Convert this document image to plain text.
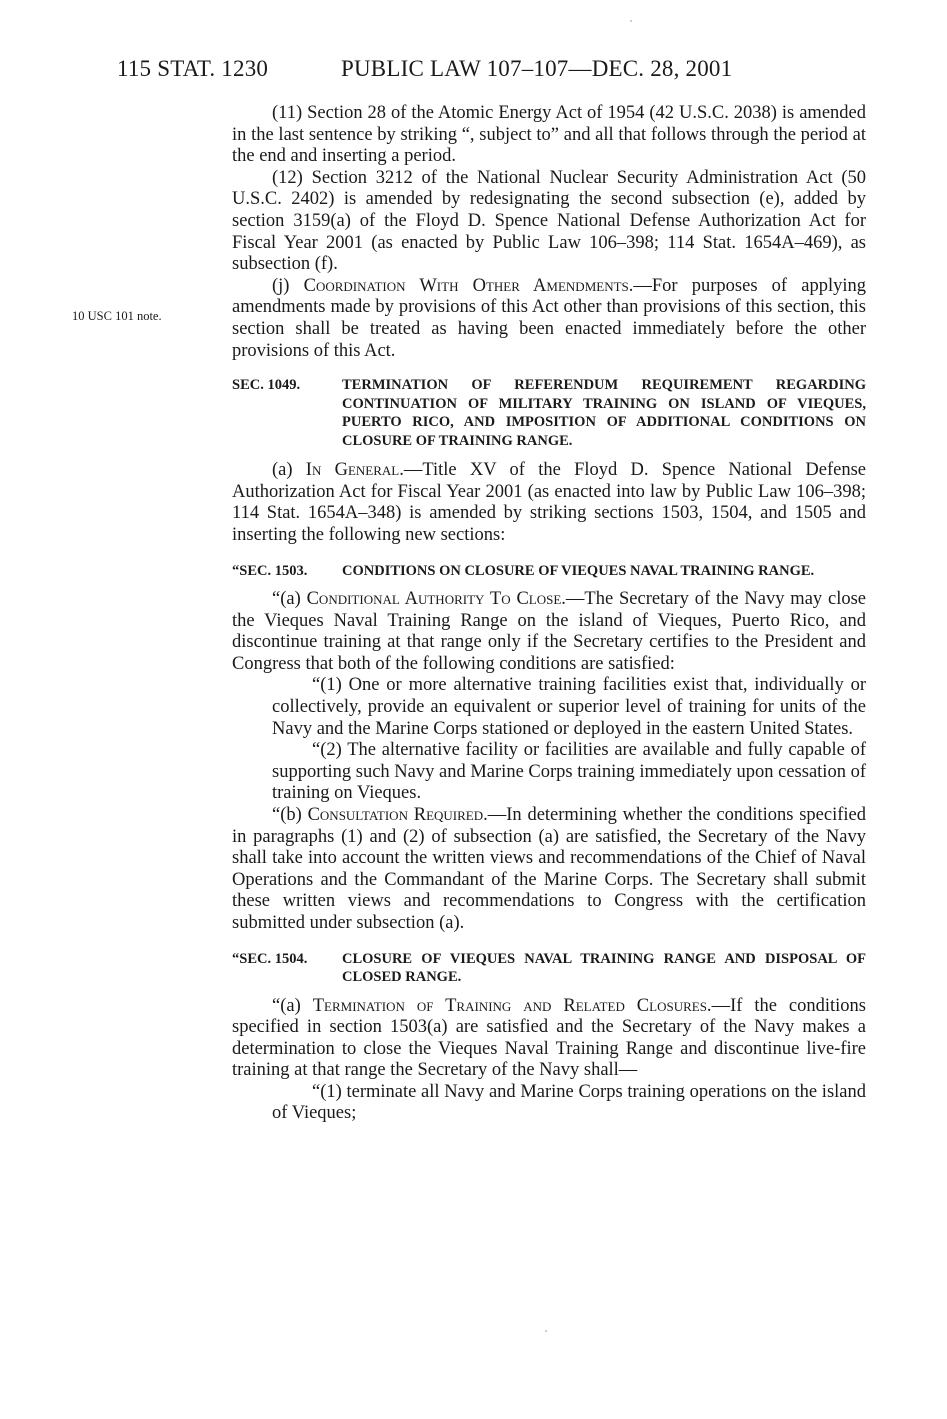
115 STAT. 1230	PUBLIC LAW 107–107—DEC. 28, 2001
10 USC 101 note.

(11) Section 28 of the Atomic Energy Act of 1954 (42 U.S.C. 2038) is amended in the last sentence by striking “, subject to” and all that follows through the period at the end and inserting a period.

(12) Section 3212 of the National Nuclear Security Administration Act (50 U.S.C. 2402) is amended by redesignating the second subsection (e), added by section 3159(a) of the Floyd D. Spence National Defense Authorization Act for Fiscal Year 2001 (as enacted by Public Law 106–398; 114 Stat. 1654A–469), as subsection (f).

(j) Coordination With Other Amendments.—For purposes of applying amendments made by provisions of this Act other than provisions of this section, this section shall be treated as having been enacted immediately before the other provisions of this Act.

SEC. 1049.	TERMINATION OF REFERENDUM REQUIREMENT REGARDING CONTINUATION OF MILITARY TRAINING ON ISLAND OF VIEQUES, PUERTO RICO, AND IMPOSITION OF ADDITIONAL CONDITIONS ON CLOSURE OF TRAINING RANGE.

(a) In General.—Title XV of the Floyd D. Spence National Defense Authorization Act for Fiscal Year 2001 (as enacted into law by Public Law 106–398; 114 Stat. 1654A–348) is amended by striking sections 1503, 1504, and 1505 and inserting the following new sections:

“SEC. 1503. CONDITIONS ON CLOSURE OF VIEQUES NAVAL TRAINING RANGE.

“(a) Conditional Authority To Close.—The Secretary of the Navy may close the Vieques Naval Training Range on the island of Vieques, Puerto Rico, and discontinue training at that range only if the Secretary certifies to the President and Congress that both of the following conditions are satisfied:

“(1) One or more alternative training facilities exist that, individually or collectively, provide an equivalent or superior level of training for units of the Navy and the Marine Corps stationed or deployed in the eastern United States.

“(2) The alternative facility or facilities are available and fully capable of supporting such Navy and Marine Corps training immediately upon cessation of training on Vieques.

“(b) Consultation Required.—In determining whether the conditions specified in paragraphs (1) and (2) of subsection (a) are satisfied, the Secretary of the Navy shall take into account the written views and recommendations of the Chief of Naval Operations and the Commandant of the Marine Corps. The Secretary shall submit these written views and recommendations to Congress with the certification submitted under subsection (a).

“SEC. 1504. CLOSURE OF VIEQUES NAVAL TRAINING RANGE AND DISPOSAL OF CLOSED RANGE.

“(a) Termination of Training and Related Closures.—If the conditions specified in section 1503(a) are satisfied and the Secretary of the Navy makes a determination to close the Vieques Naval Training Range and discontinue live-fire training at that range the Secretary of the Navy shall—

“(1) terminate all Navy and Marine Corps training operations on the island of Vieques;
